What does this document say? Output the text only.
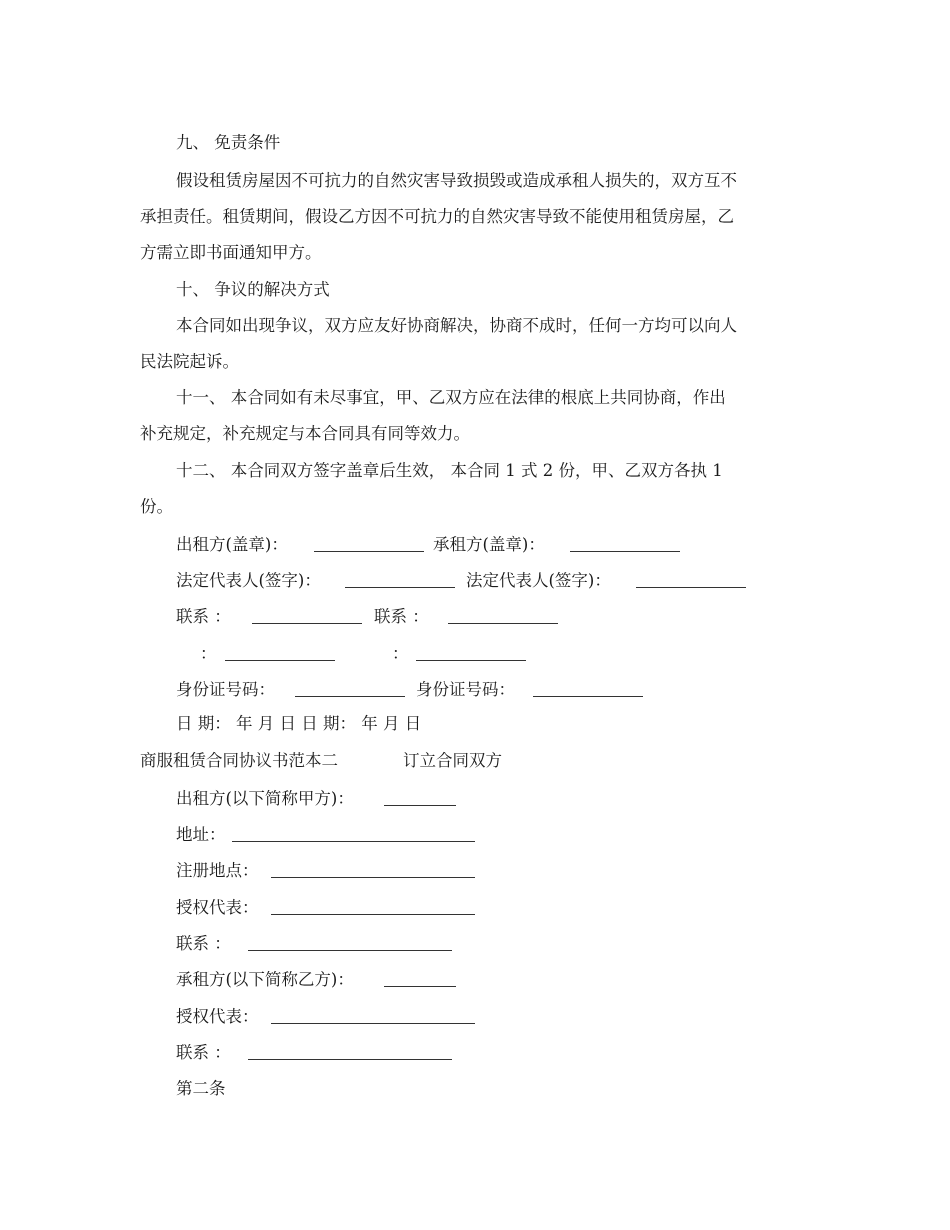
九、 免责条件
假设租赁房屋因不可抗力的自然灾害导致损毁或造成承租人损失的，双方互不
承担责任。租赁期间，假设乙方因不可抗力的自然灾害导致不能使用租赁房屋，乙
方需立即书面通知甲方。
十、 争议的解决方式
本合同如出现争议，双方应友好协商解决，协商不成时，任何一方均可以向人
民法院起诉。
十一、 本合同如有未尽事宜，甲、乙双方应在法律的根底上共同协商，作出
补充规定，补充规定与本合同具有同等效力。
十二、 本合同双方签字盖章后生效， 本合同 1 式 2 份，甲、乙双方各执 1
份。
出租方(盖章)：	承租方(盖章)：
法定代表人(签字)：	法定代表人(签字)：
联系 ：	联系 ：
：	：
身份证号码：	身份证号码：
日 期： 年 月 日 日 期： 年 月 日
商服租赁合同协议书范本二	订立合同双方
出租方(以下简称甲方)：
地址：
注册地点：
授权代表：
联系 ：
承租方(以下简称乙方)：
授权代表：
联系 ：
第二条
